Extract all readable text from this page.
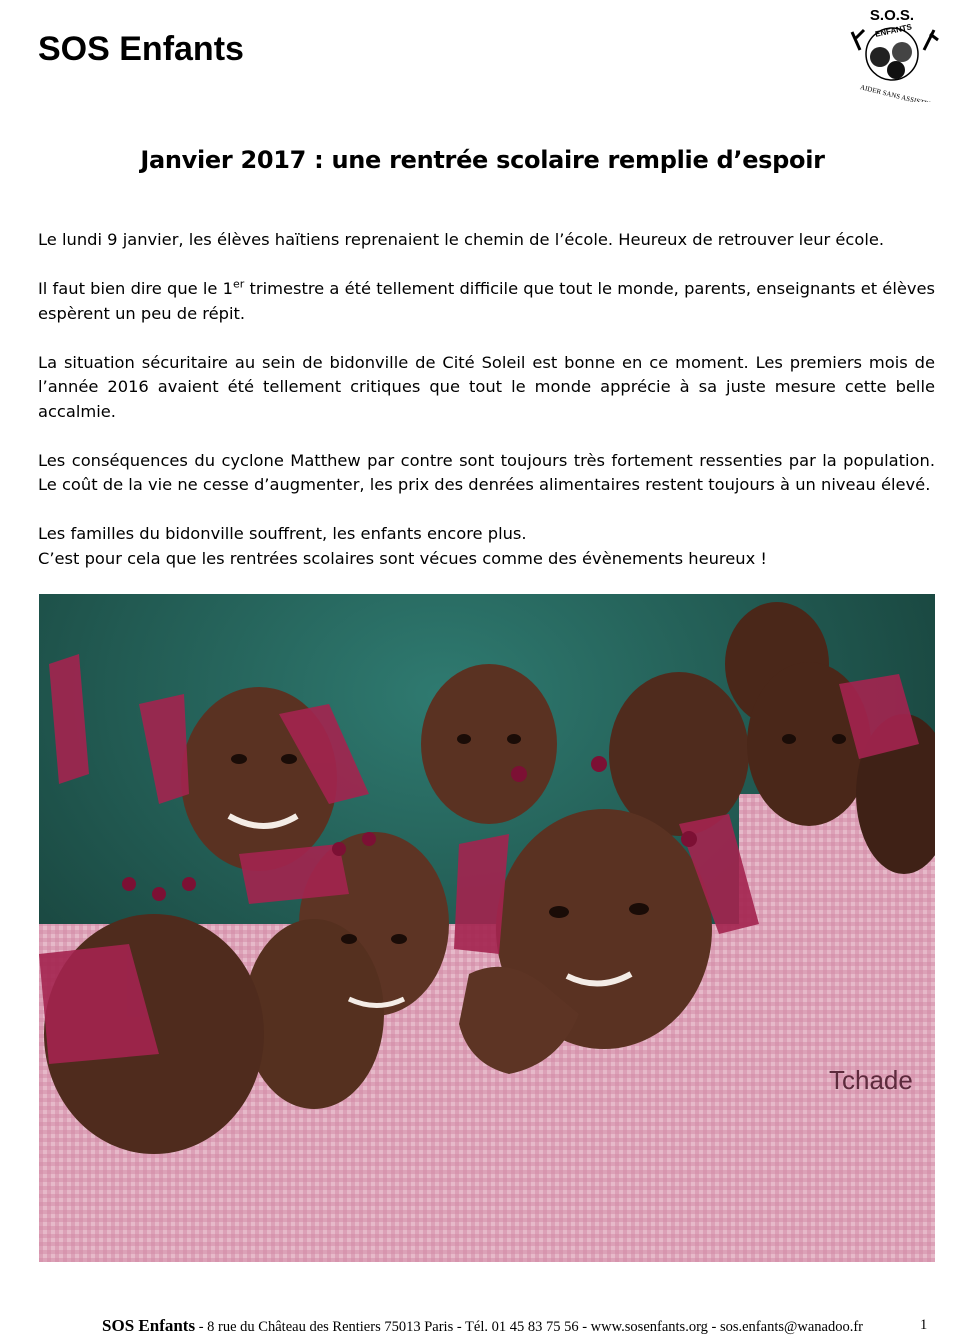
SOS Enfants
S.O.S.
ENFANTS
AIDER SANS ASSISTER
Janvier 2017 : une rentrée scolaire remplie d’espoir

Le lundi 9 janvier, les élèves haïtiens reprenaient le chemin de l’école. Heureux de retrouver leur école.

Il faut bien dire que le 1er trimestre a été tellement difficile que tout le monde, parents, enseignants et élèves espèrent un peu de répit.

La situation sécuritaire au sein de bidonville de Cité Soleil est bonne en ce moment. Les premiers mois de l’année 2016 avaient été tellement critiques que tout le monde apprécie à sa juste mesure cette belle accalmie.

Les conséquences du cyclone Matthew par contre sont toujours très fortement ressenties par la population. Le coût de la vie ne cesse d’augmenter, les prix des denrées alimentaires restent toujours à un niveau élevé.

Les familles du bidonville souffrent, les enfants encore plus.

C’est pour cela que les rentrées scolaires sont vécues comme des évènements heureux !

Tchade
SOS Enfants - 8 rue du Château des Rentiers 75013 Paris - Tél. 01 45 83 75 56 - www.sosenfants.org - sos.enfants@wanadoo.fr	1
